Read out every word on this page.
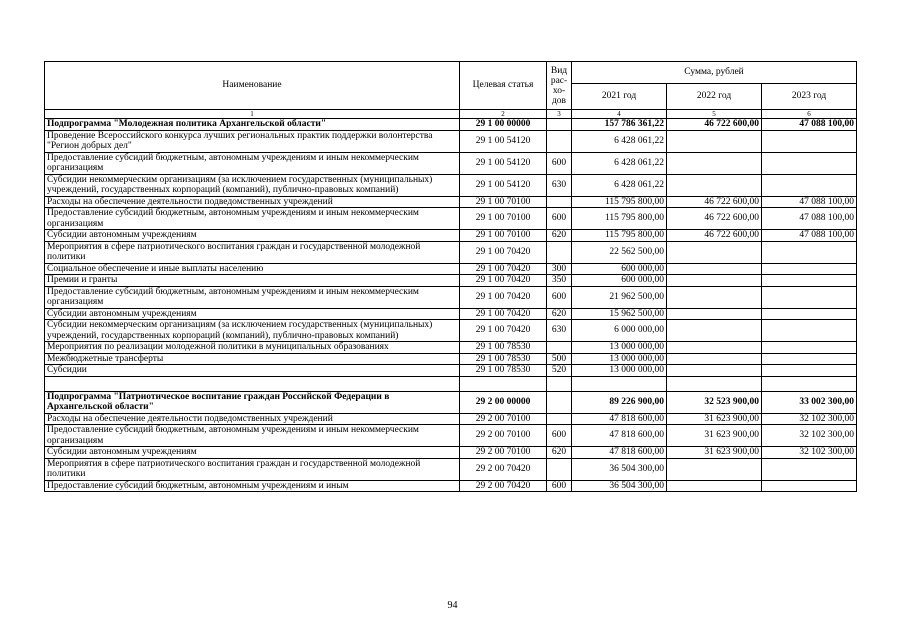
Наименование	Целевая статья	Вид
рас-
хо-
дов	Сумма, рублей		
			2021 год	2022 год	2023 год
1	2	3	4	5	6
Подпрограмма "Молодежная политика Архангельской области"	29 1 00 00000		157 786 361,22	46 722 600,00	47 088 100,00
Проведение Всероссийского конкурса лучших региональных практик поддержки волонтерства "Регион добрых дел"	29 1 00 54120		6 428 061,22		
Предоставление субсидий бюджетным, автономным учреждениям и иным некоммерческим организациям	29 1 00 54120	600	6 428 061,22		
Субсидии некоммерческим организациям (за исключением государственных (муниципальных) учреждений, государственных корпораций (компаний), публично-правовых компаний)	29 1 00 54120	630	6 428 061,22		
Расходы на обеспечение деятельности подведомственных учреждений	29 1 00 70100		115 795 800,00	46 722 600,00	47 088 100,00
Предоставление субсидий бюджетным, автономным учреждениям и иным некоммерческим организациям	29 1 00 70100	600	115 795 800,00	46 722 600,00	47 088 100,00
Субсидии автономным учреждениям	29 1 00 70100	620	115 795 800,00	46 722 600,00	47 088 100,00
Мероприятия в сфере патриотического воспитания граждан и государственной молодежной политики	29 1 00 70420		22 562 500,00		
Социальное обеспечение и иные выплаты населению	29 1 00 70420	300	600 000,00		
Премии и гранты	29 1 00 70420	350	600 000,00		
Предоставление субсидий бюджетным, автономным учреждениям и иным некоммерческим организациям	29 1 00 70420	600	21 962 500,00		
Субсидии автономным учреждениям	29 1 00 70420	620	15 962 500,00		
Субсидии некоммерческим организациям (за исключением государственных (муниципальных) учреждений, государственных корпораций (компаний), публично-правовых компаний)	29 1 00 70420	630	6 000 000,00		
Мероприятия по реализации молодежной политики в муниципальных образованиях	29 1 00 78530		13 000 000,00		
Межбюджетные трансферты	29 1 00 78530	500	13 000 000,00		
Субсидии	29 1 00 78530	520	13 000 000,00		

Подпрограмма "Патриотическое воспитание граждан Российской Федерации в Архангельской области"	29 2 00 00000		89 226 900,00	32 523 900,00	33 002 300,00
Расходы на обеспечение деятельности подведомственных учреждений	29 2 00 70100		47 818 600,00	31 623 900,00	32 102 300,00
Предоставление субсидий бюджетным, автономным учреждениям и иным некоммерческим организациям	29 2 00 70100	600	47 818 600,00	31 623 900,00	32 102 300,00
Субсидии автономным учреждениям	29 2 00 70100	620	47 818 600,00	31 623 900,00	32 102 300,00
Мероприятия в сфере патриотического воспитания граждан и государственной молодежной политики	29 2 00 70420		36 504 300,00		
Предоставление субсидий бюджетным, автономным учреждениям и иным	29 2 00 70420	600	36 504 300,00		
94
